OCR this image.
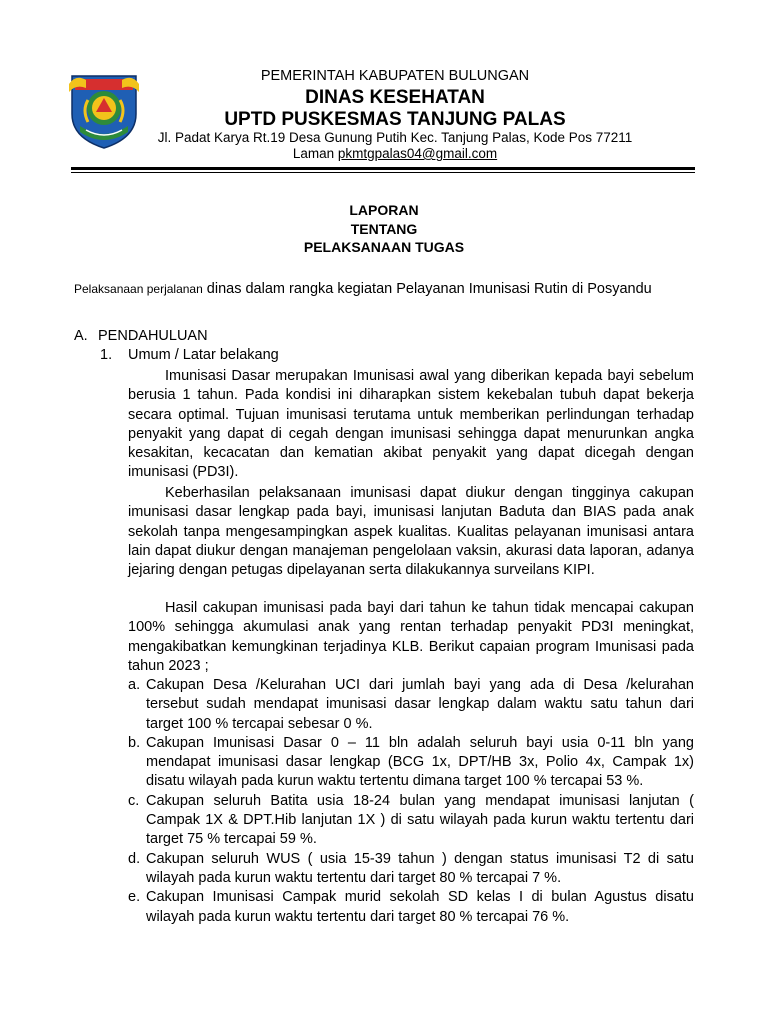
PEMERINTAH KABUPATEN BULUNGAN
DINAS KESEHATAN
UPTD PUSKESMAS TANJUNG PALAS
Jl. Padat Karya Rt.19 Desa Gunung Putih Kec. Tanjung Palas, Kode Pos 77211
Laman pkmtgpalas04@gmail.com
LAPORAN
TENTANG
PELAKSANAAN TUGAS
Pelaksanaan perjalanan dinas dalam rangka kegiatan Pelayanan Imunisasi Rutin di Posyandu
A. PENDAHULUAN
1. Umum / Latar belakang

Imunisasi Dasar merupakan Imunisasi awal yang diberikan kepada bayi sebelum berusia 1 tahun. Pada kondisi ini diharapkan sistem kekebalan tubuh dapat bekerja secara optimal. Tujuan imunisasi terutama untuk memberikan perlindungan terhadap penyakit yang dapat di cegah dengan imunisasi sehingga dapat menurunkan angka kesakitan, kecacatan dan kematian akibat penyakit yang dapat dicegah dengan imunisasi (PD3I).

Keberhasilan pelaksanaan imunisasi dapat diukur dengan tingginya cakupan imunisasi dasar lengkap pada bayi, imunisasi lanjutan Baduta dan BIAS pada anak sekolah tanpa mengesampingkan aspek kualitas. Kualitas pelayanan imunisasi antara lain dapat diukur dengan manajeman pengelolaan vaksin, akurasi data laporan, adanya jejaring dengan petugas dipelayanan serta dilakukannya surveilans KIPI.

Hasil cakupan imunisasi pada bayi dari tahun ke tahun tidak mencapai cakupan 100% sehingga akumulasi anak yang rentan terhadap penyakit PD3I meningkat, mengakibatkan kemungkinan terjadinya KLB. Berikut capaian program Imunisasi pada tahun 2023 ;

a. Cakupan Desa /Kelurahan UCI dari jumlah bayi yang ada di Desa /kelurahan tersebut sudah mendapat imunisasi dasar lengkap dalam waktu satu tahun dari target 100 % tercapai sebesar 0 %.
b. Cakupan Imunisasi Dasar 0 – 11 bln adalah seluruh bayi usia 0-11 bln yang mendapat imunisasi dasar lengkap (BCG 1x, DPT/HB 3x, Polio 4x, Campak 1x) disatu wilayah pada kurun waktu tertentu dimana target 100 % tercapai 53 %.
c. Cakupan seluruh Batita usia 18-24 bulan yang mendapat imunisasi lanjutan ( Campak 1X & DPT.Hib lanjutan 1X ) di satu wilayah pada kurun waktu tertentu dari target 75 % tercapai 59 %.
d. Cakupan seluruh WUS ( usia 15-39 tahun ) dengan status imunisasi T2 di satu wilayah pada kurun waktu tertentu dari target 80 % tercapai 7 %.
e. Cakupan Imunisasi Campak murid sekolah SD kelas I di bulan Agustus disatu wilayah pada kurun waktu tertentu dari target 80 % tercapai 76 %.
